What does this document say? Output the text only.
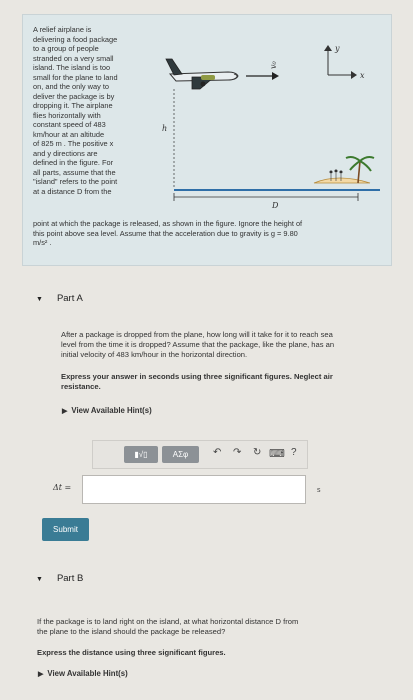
A relief airplane is
delivering a food package
to a group of people
stranded on a very small
island. The island is too
small for the plane to land
on, and the only way to
deliver the package is by
dropping it. The airplane
flies horizontally with
constant speed of 483
km/hour at an altitude
of 825 m . The positive x
and y directions are
defined in the figure. For
all parts, assume that the
"island" refers to the point
at a distance D from the
v₀
y
x
h
D
point at which the package is released, as shown in the figure. Ignore the height of
this point above sea level. Assume that the acceleration due to gravity is g = 9.80
m/s² .
▼ Part A
After a package is dropped from the plane, how long will it take for it to reach sea
level from the time it is dropped? Assume that the package, like the plane, has an
initial velocity of 483 km/hour in the horizontal direction.
Express your answer in seconds using three significant figures. Neglect air
resistance.
▶ View Available Hint(s)
▮√▯	ΑΣφ	↶ ↷ ↻ ⌨ ?
Δt =	s
Submit
▼ Part B
If the package is to land right on the island, at what horizontal distance D from
the plane to the island should the package be released?
Express the distance using three significant figures.
▶ View Available Hint(s)
